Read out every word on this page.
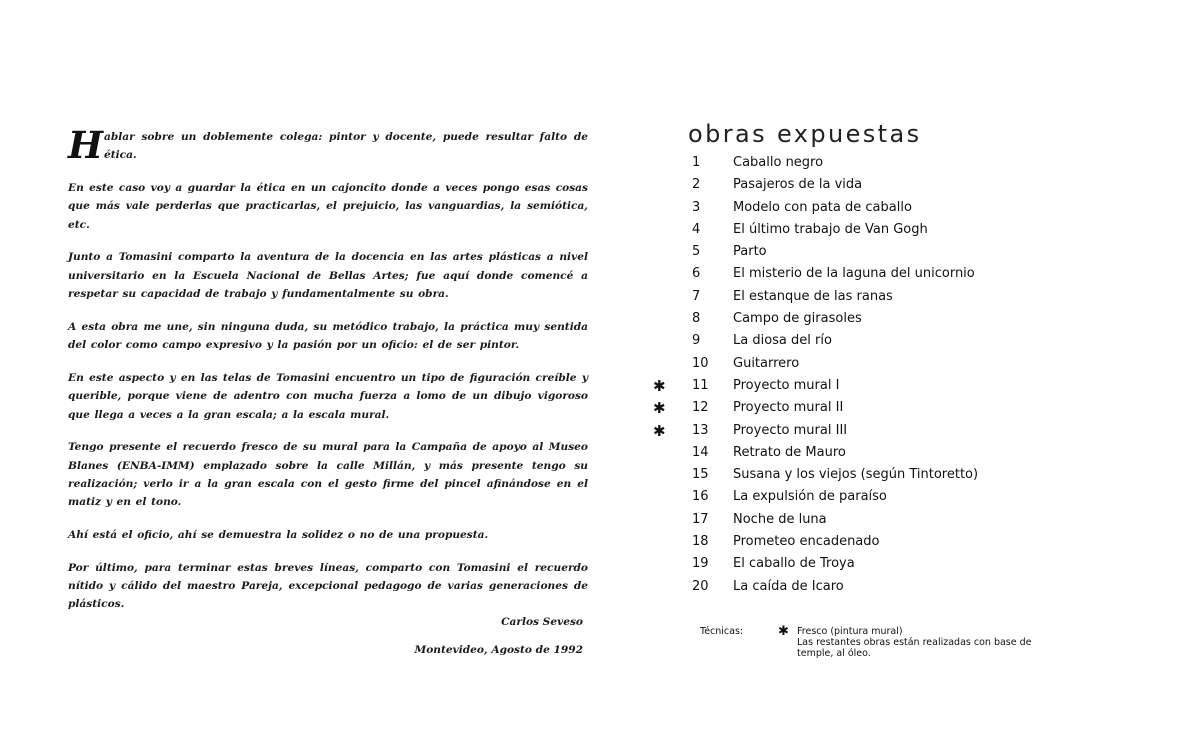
Hablar sobre un doblemente colega: pintor y docente, puede resultar falto de ética.

En este caso voy a guardar la ética en un cajoncito donde a veces pongo esas cosas que más vale perderlas que practicarlas, el prejuicio, las vanguardias, la semiótica, etc.

Junto a Tomasini comparto la aventura de la docencia en las artes plásticas a nivel universitario en la Escuela Nacional de Bellas Artes; fue aquí donde comencé a respetar su capacidad de trabajo y fundamentalmente su obra.

A esta obra me une, sin ninguna duda, su metódico trabajo, la práctica muy sentida del color como campo expresivo y la pasión por un oficio: el de ser pintor.

En este aspecto y en las telas de Tomasini encuentro un tipo de figuración creíble y querible, porque viene de adentro con mucha fuerza a lomo de un dibujo vigoroso que llega a veces a la gran escala; a la escala mural.

Tengo presente el recuerdo fresco de su mural para la Campaña de apoyo al Museo Blanes (ENBA-IMM) emplazado sobre la calle Millán, y más presente tengo su realización; verlo ir a la gran escala con el gesto firme del pincel afinándose en el matiz y en el tono.

Ahí está el oficio, ahí se demuestra la solidez o no de una propuesta.

Por último, para terminar estas breves líneas, comparto con Tomasini el recuerdo nítido y cálido del maestro Pareja, excepcional pedagogo de varias generaciones de plásticos.

Carlos Seveso
Montevideo, Agosto de 1992
obras expuestas
1	Caballo negro
2	Pasajeros de la vida
3	Modelo con pata de caballo
4	El último trabajo de Van Gogh
5	Parto
6	El misterio de la laguna del unicornio
7	El estanque de las ranas
8	Campo de girasoles
9	La diosa del río
10	Guitarrero
✱ 11	Proyecto mural I
✱ 12	Proyecto mural II
✱ 13	Proyecto mural III
14	Retrato de Mauro
15	Susana y los viejos (según Tintoretto)
16	La expulsión de paraíso
17	Noche de luna
18	Prometeo encadenado
19	El caballo de Troya
20	La caída de Icaro
Técnicas:	✱ Fresco (pintura mural)
Las restantes obras están realizadas con base de temple, al óleo.
